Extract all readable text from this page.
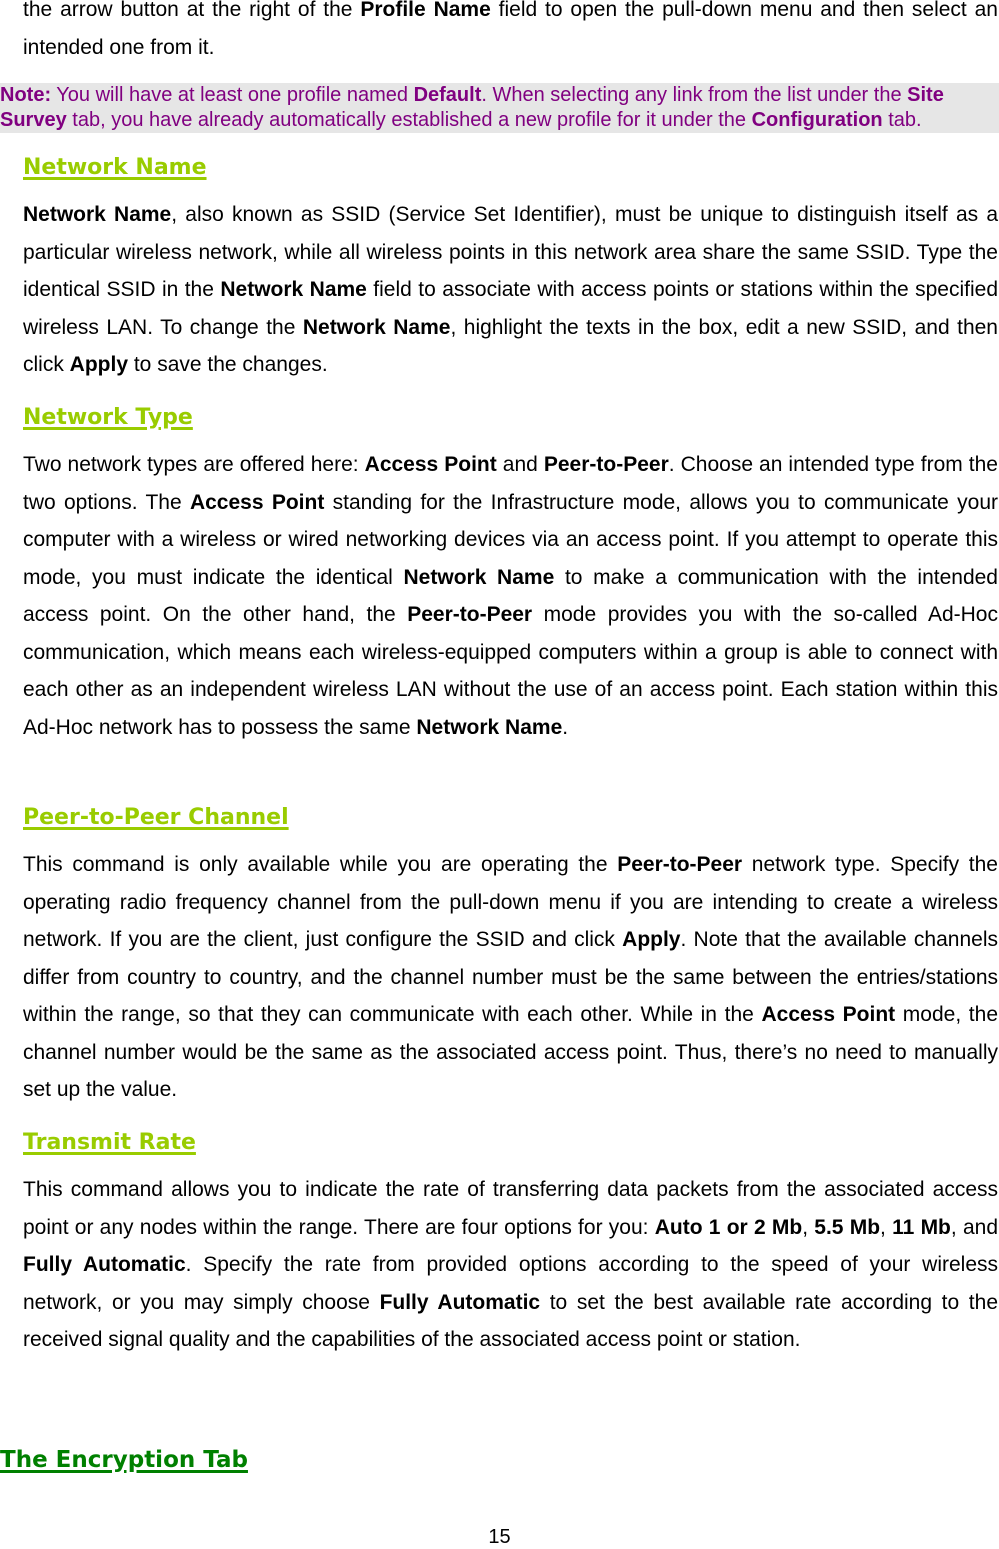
the arrow button at the right of the Profile Name field to open the pull-down menu and then select an intended one from it.

Note: You will have at least one profile named Default. When selecting any link from the list under the Site Survey tab, you have already automatically established a new profile for it under the Configuration tab.
Network Name

Network Name, also known as SSID (Service Set Identifier), must be unique to distinguish itself as a particular wireless network, while all wireless points in this network area share the same SSID. Type the identical SSID in the Network Name field to associate with access points or stations within the specified wireless LAN. To change the Network Name, highlight the texts in the box, edit a new SSID, and then click Apply to save the changes.

Network Type

Two network types are offered here: Access Point and Peer-to-Peer. Choose an intended type from the two options. The Access Point standing for the Infrastructure mode, allows you to communicate your computer with a wireless or wired networking devices via an access point. If you attempt to operate this mode, you must indicate the identical Network Name to make a communication with the intended access point. On the other hand, the Peer-to-Peer mode provides you with the so-called Ad-Hoc communication, which means each wireless-equipped computers within a group is able to connect with each other as an independent wireless LAN without the use of an access point. Each station within this Ad-Hoc network has to possess the same Network Name.

Peer-to-Peer Channel

This command is only available while you are operating the Peer-to-Peer network type. Specify the operating radio frequency channel from the pull-down menu if you are intending to create a wireless network. If you are the client, just configure the SSID and click Apply. Note that the available channels differ from country to country, and the channel number must be the same between the entries/stations within the range, so that they can communicate with each other. While in the Access Point mode, the channel number would be the same as the associated access point. Thus, there’s no need to manually set up the value.

Transmit Rate

This command allows you to indicate the rate of transferring data packets from the associated access point or any nodes within the range. There are four options for you: Auto 1 or 2 Mb, 5.5 Mb, 11 Mb, and Fully Automatic. Specify the rate from provided options according to the speed of your wireless network, or you may simply choose Fully Automatic to set the best available rate according to the received signal quality and the capabilities of the associated access point or station.

The Encryption Tab
15
